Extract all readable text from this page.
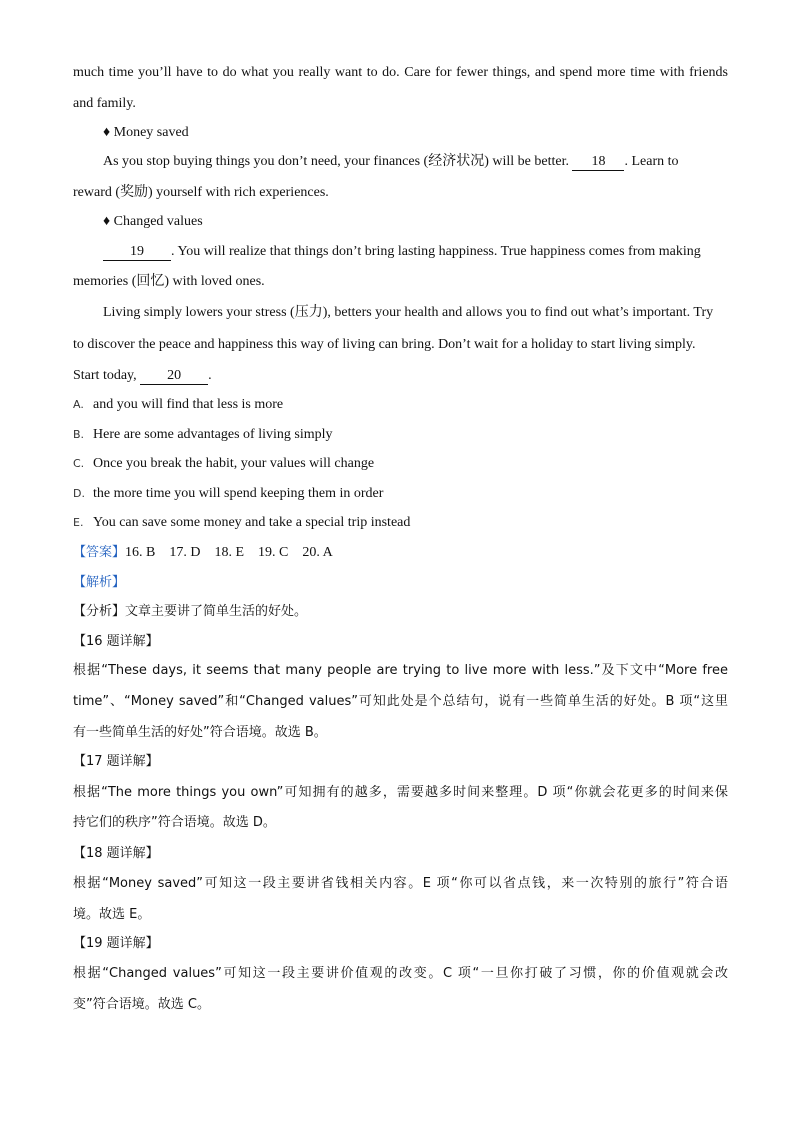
much time you’ll have to do what you really want to do. Care for fewer things, and spend more time with friends
and family.
♦ Money saved
As you stop buying things you don’t need, your finances (经济状况) will be better. 18 . Learn to
reward (奖励) yourself with rich experiences.
♦ Changed values
19 . You will realize that things don’t bring lasting happiness. True happiness comes from making
memories (回忆) with loved ones.
Living simply lowers your stress (压力), betters your health and allows you to find out what’s important. Try
to discover the peace and happiness this way of living can bring. Don’t wait for a holiday to start living simply.
Start today, 20 .
A. and you will find that less is more
B. Here are some advantages of living simply
C. Once you break the habit, your values will change
D. the more time you will spend keeping them in order
E. You can save some money and take a special trip instead
【答案】16. B    17. D    18. E    19. C    20. A
【解析】
【分析】文章主要讲了简单生活的好处。
【16 题详解】
根据“These days, it seems that many people are trying to live more with less.”及下文中“More free
time”、“Money saved”和“Changed values”可知此处是个总结句，说有一些简单生活的好处。B 项“这里
有一些简单生活的好处”符合语境。故选 B。
【17 题详解】
根据“The more things you own”可知拥有的越多，需要越多时间来整理。D 项“你就会花更多的时间来保
持它们的秩序”符合语境。故选 D。
【18 题详解】
根据“Money saved”可知这一段主要讲省钱相关内容。E 项“你可以省点钱，来一次特别的旅行”符合语
境。故选 E。
【19 题详解】
根据“Changed values”可知这一段主要讲价值观的改变。C 项“一旦你打破了习惯，你的价值观就会改
变”符合语境。故选 C。
